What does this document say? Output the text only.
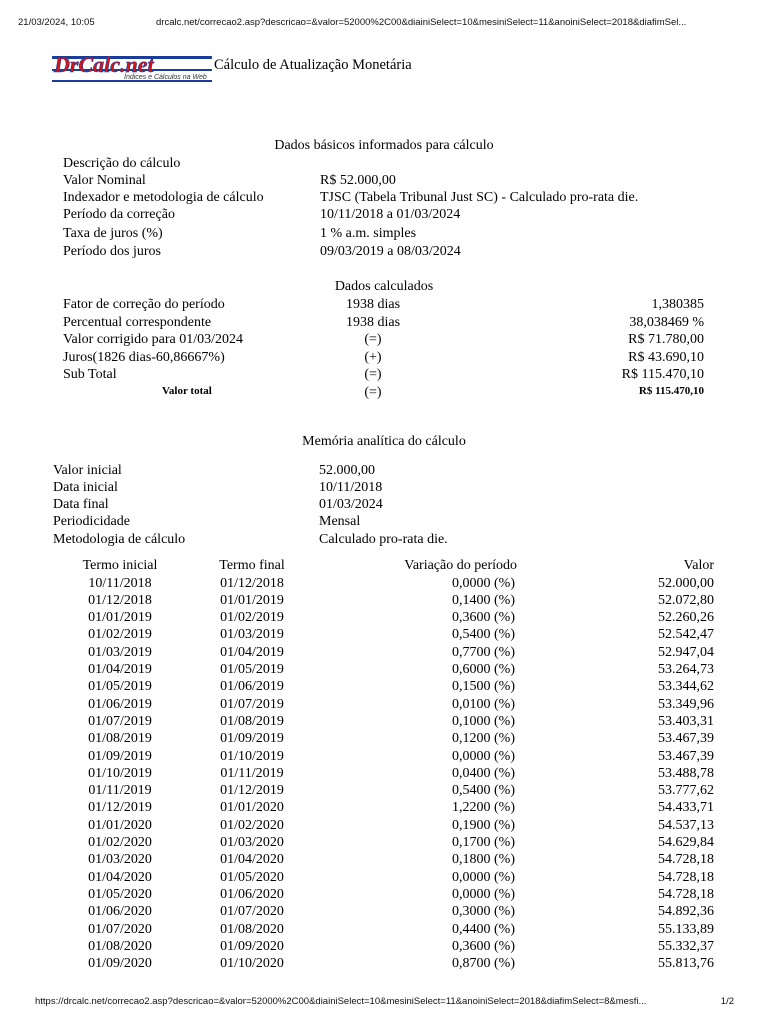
21/03/2024, 10:05	drcalc.net/correcao2.asp?descricao=&valor=52000%2C00&diainiSelect=10&mesiniSelect=11&anoiniSelect=2018&diafimSel...
DrCalc.net
Índices e Cálculos na Web
Cálculo de Atualização Monetária
Dados básicos informados para cálculo
Descrição do cálculo
Valor Nominal	R$ 52.000,00
Indexador e metodologia de cálculo	TJSC (Tabela Tribunal Just SC) - Calculado pro-rata die.
Período da correção	10/11/2018 a 01/03/2024
Taxa de juros (%)	1 % a.m. simples
Período dos juros	09/03/2019 a 08/03/2024
Dados calculados
Fator de correção do período	1938 dias	1,380385
Percentual correspondente	1938 dias	38,038469 %
Valor corrigido para 01/03/2024	(=)	R$ 71.780,00
Juros(1826 dias-60,86667%)	(+)	R$ 43.690,10
Sub Total	(=)	R$ 115.470,10
Valor total	(=)	R$ 115.470,10
Memória analítica do cálculo
Valor inicial	52.000,00
Data inicial	10/11/2018
Data final	01/03/2024
Periodicidade	Mensal
Metodologia de cálculo	Calculado pro-rata die.
Termo inicial	Termo final	Variação do período	Valor
10/11/2018	01/12/2018	0,0000 (%)	52.000,00
01/12/2018	01/01/2019	0,1400 (%)	52.072,80
01/01/2019	01/02/2019	0,3600 (%)	52.260,26
01/02/2019	01/03/2019	0,5400 (%)	52.542,47
01/03/2019	01/04/2019	0,7700 (%)	52.947,04
01/04/2019	01/05/2019	0,6000 (%)	53.264,73
01/05/2019	01/06/2019	0,1500 (%)	53.344,62
01/06/2019	01/07/2019	0,0100 (%)	53.349,96
01/07/2019	01/08/2019	0,1000 (%)	53.403,31
01/08/2019	01/09/2019	0,1200 (%)	53.467,39
01/09/2019	01/10/2019	0,0000 (%)	53.467,39
01/10/2019	01/11/2019	0,0400 (%)	53.488,78
01/11/2019	01/12/2019	0,5400 (%)	53.777,62
01/12/2019	01/01/2020	1,2200 (%)	54.433,71
01/01/2020	01/02/2020	0,1900 (%)	54.537,13
01/02/2020	01/03/2020	0,1700 (%)	54.629,84
01/03/2020	01/04/2020	0,1800 (%)	54.728,18
01/04/2020	01/05/2020	0,0000 (%)	54.728,18
01/05/2020	01/06/2020	0,0000 (%)	54.728,18
01/06/2020	01/07/2020	0,3000 (%)	54.892,36
01/07/2020	01/08/2020	0,4400 (%)	55.133,89
01/08/2020	01/09/2020	0,3600 (%)	55.332,37
01/09/2020	01/10/2020	0,8700 (%)	55.813,76
https://drcalc.net/correcao2.asp?descricao=&valor=52000%2C00&diainiSelect=10&mesiniSelect=11&anoiniSelect=2018&diafimSelect=8&mesfi...	1/2
